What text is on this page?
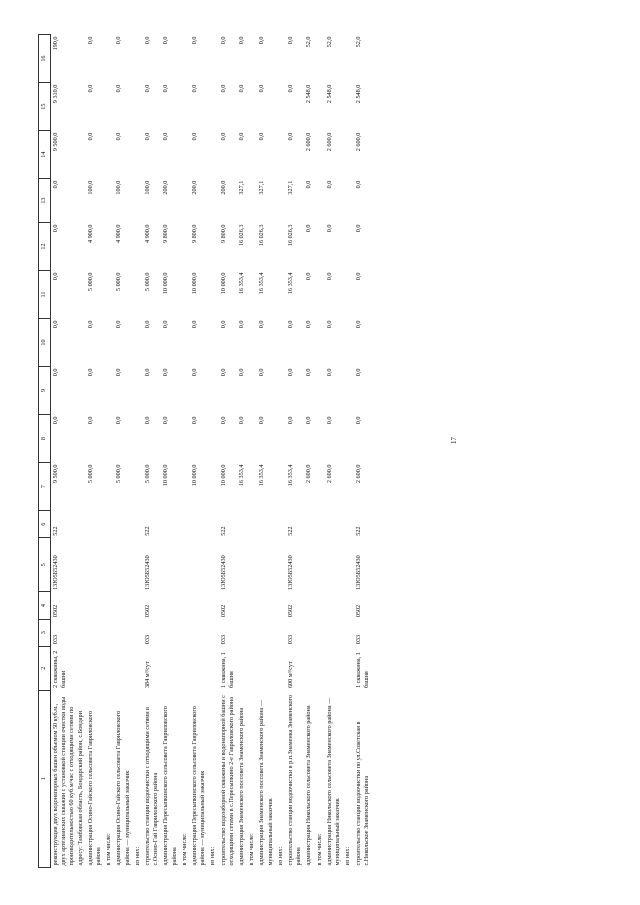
17
1	2	3	4	5	6	7	8	9	10	11	12	13	14	15	16
реконструкция двух водонапорных башен объемом 50 куб.м., двух артезианских скважин с установкой станции очистки воды производительностью 60 куб.м/час с отходящими сетями по адресу: Тамбовская область, Бондарский район, с.Бондари	2 скважины, 2 башни	033	0502	13Ю5Б52430	522	9 500,0	0,0	0,0	0,0	0,0	0,0	0,0	9 500,0	9 310,0	190,0
администрация Осино-Гайского сельсовета Гавриловского района						5 000,0	0,0	0,0	0,0	5 000,0	4 900,0	100,0	0,0	0,0	0,0
в том числе:															
администрация Осино-Гайского сельсовета Гавриловского района — муниципальный заказчик						5 000,0	0,0	0,0	0,0	5 000,0	4 900,0	100,0	0,0	0,0	0,0
из них:															
строительство станции водоочистки с отходящими сетями в с.Осино-Гай Гавриловского района	384 м³/сут	033	0502	13Ю5Б52430	522	5 000,0	0,0	0,0	0,0	5 000,0	4 900,0	100,0	0,0	0,0	0,0
администрация Пересыпкинского сельсовета Гавриловского района						10 000,0	0,0	0,0	0,0	10 000,0	9 800,0	200,0	0,0	0,0	0,0
в том числе:															
администрация Пересыпкинского сельсовета Гавриловского района — муниципальный заказчик						10 000,0	0,0	0,0	0,0	10 000,0	9 800,0	200,0	0,0	0,0	0,0
из них:															
строительство водозаборной скважины и водонапорной башни с отходящими сетями в с.Пересыпкино 2-е Гавриловского района	1 скважина, 1 башня	033	0502	13Ю5Б52430	522	10 000,0	0,0	0,0	0,0	10 000,0	9 800,0	200,0	0,0	0,0	0,0
администрация Знаменского поссовета Знаменского района						16 353,4	0,0	0,0	0,0	16 353,4	16 026,3	327,1	0,0	0,0	0,0
в том числе:															
администрация Знаменского поссовета Знаменского района — муниципальный заказчик						16 353,4	0,0	0,0	0,0	16 353,4	16 026,3	327,1	0,0	0,0	0,0
из них:															
строительство станции водоочистки в р.п.Знаменка Знаменского района	600 м³/сут	033	0502	13Ю5Б52430	522	16 353,4	0,0	0,0	0,0	16 353,4	16 026,3	327,1	0,0	0,0	0,0
администрация Никольского сельсовета Знаменского района						2 600,0	0,0	0,0	0,0	0,0	0,0	0,0	2 600,0	2 548,0	52,0
в том числе:															
администрация Никольского сельсовета Знаменского района — муниципальный заказчик						2 600,0	0,0	0,0	0,0	0,0	0,0	0,0	2 600,0	2 548,0	52,0
из них:															
строительство станции водоочистки по ул.Советская в с.Никольское Знаменского района	1 скважина, 1 башня	033	0502	13Ю5Б52430	522	2 600,0	0,0	0,0	0,0	0,0	0,0	0,0	2 600,0	2 548,0	52,0
